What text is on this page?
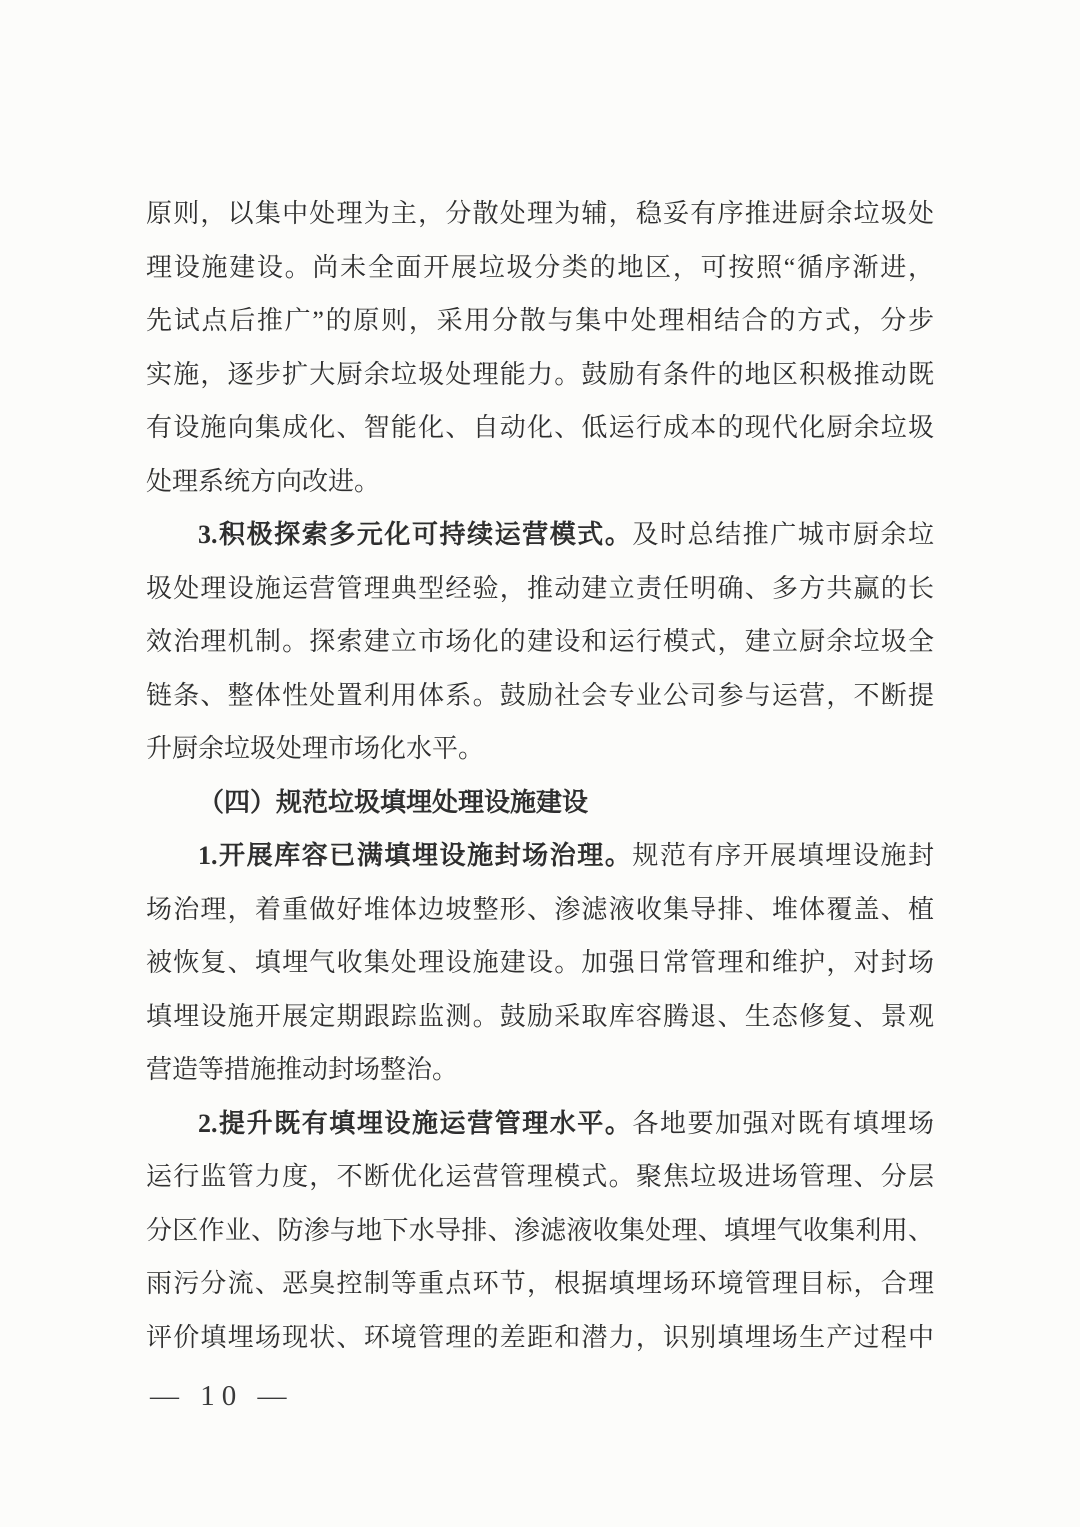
原则，以集中处理为主，分散处理为辅，稳妥有序推进厨余垃圾处
理设施建设。尚未全面开展垃圾分类的地区，可按照“循序渐进，
先试点后推广”的原则，采用分散与集中处理相结合的方式，分步
实施，逐步扩大厨余垃圾处理能力。鼓励有条件的地区积极推动既
有设施向集成化、智能化、自动化、低运行成本的现代化厨余垃圾
处理系统方向改进。
3.积极探索多元化可持续运营模式。及时总结推广城市厨余垃
圾处理设施运营管理典型经验，推动建立责任明确、多方共赢的长
效治理机制。探索建立市场化的建设和运行模式，建立厨余垃圾全
链条、整体性处置利用体系。鼓励社会专业公司参与运营，不断提
升厨余垃圾处理市场化水平。
（四）规范垃圾填埋处理设施建设
1.开展库容已满填埋设施封场治理。规范有序开展填埋设施封
场治理，着重做好堆体边坡整形、渗滤液收集导排、堆体覆盖、植
被恢复、填埋气收集处理设施建设。加强日常管理和维护，对封场
填埋设施开展定期跟踪监测。鼓励采取库容腾退、生态修复、景观
营造等措施推动封场整治。
2.提升既有填埋设施运营管理水平。各地要加强对既有填埋场
运行监管力度，不断优化运营管理模式。聚焦垃圾进场管理、分层
分区作业、防渗与地下水导排、渗滤液收集处理、填埋气收集利用、
雨污分流、恶臭控制等重点环节，根据填埋场环境管理目标，合理
评价填埋场现状、环境管理的差距和潜力，识别填埋场生产过程中
— 10 —
